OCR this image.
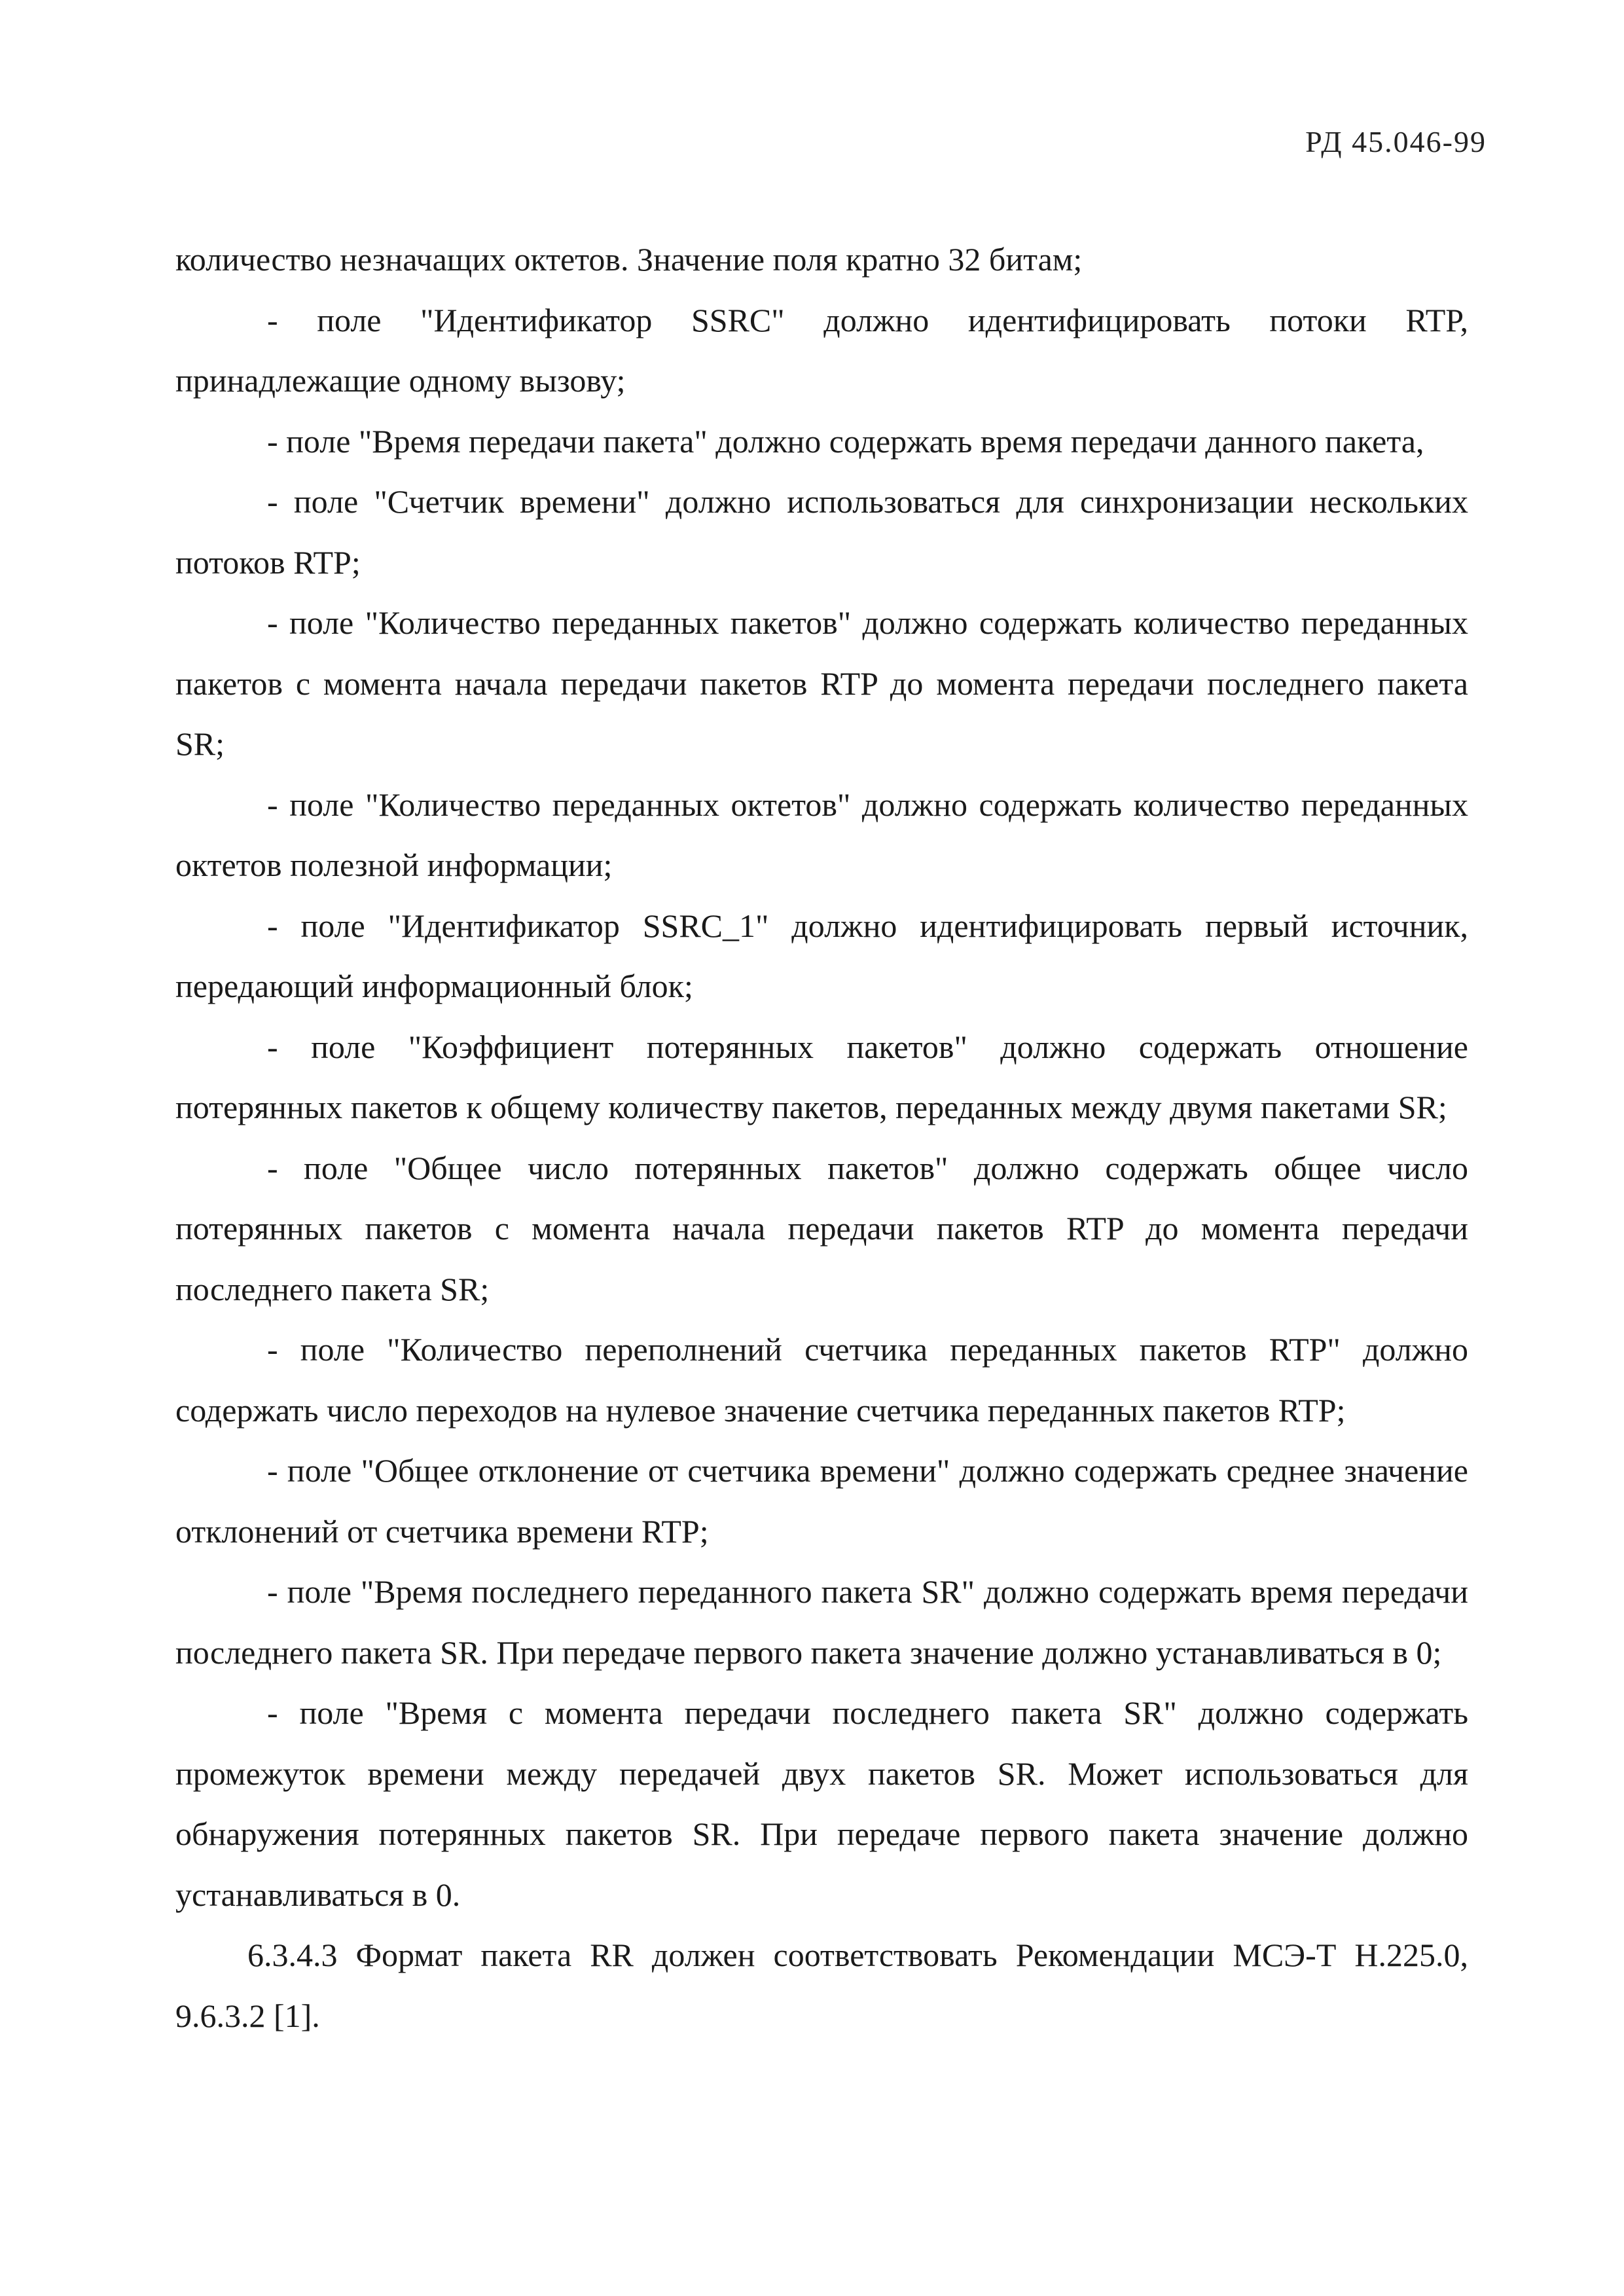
РД 45.046-99

количество незначащих октетов. Значение поля кратно 32 битам;

- поле "Идентификатор SSRC" должно идентифицировать потоки RTP, принадлежащие одному вызову;

- поле "Время передачи пакета" должно содержать время передачи данного пакета,

- поле "Счетчик времени" должно использоваться для синхронизации нескольких потоков RTP;

- поле "Количество переданных пакетов" должно содержать количество переданных пакетов с момента начала передачи пакетов RTP до момента передачи последнего пакета SR;

- поле "Количество переданных октетов" должно содержать количество переданных октетов полезной информации;

- поле "Идентификатор SSRC_1" должно идентифицировать первый источник, передающий информационный блок;

- поле "Коэффициент потерянных пакетов" должно содержать отношение потерянных пакетов к общему количеству пакетов, переданных между двумя пакетами SR;

- поле "Общее число потерянных пакетов" должно содержать общее число потерянных пакетов с момента начала передачи пакетов RTP до момента передачи последнего пакета SR;

- поле "Количество переполнений счетчика переданных пакетов RTP" должно содержать число переходов на нулевое значение счетчика переданных пакетов RTP;

- поле "Общее отклонение от счетчика времени" должно содержать среднее значение отклонений от счетчика времени RTP;

- поле "Время последнего переданного пакета SR" должно содержать время передачи последнего пакета SR. При передаче первого пакета значение должно устанавливаться в 0;

- поле "Время с момента передачи последнего пакета SR" должно содержать промежуток времени между передачей двух пакетов SR. Может использоваться для обнаружения потерянных пакетов SR. При передаче первого пакета значение должно устанавливаться в 0.

6.3.4.3 Формат пакета RR должен соответствовать Рекомендации МСЭ-Т Н.225.0, 9.6.3.2 [1].
